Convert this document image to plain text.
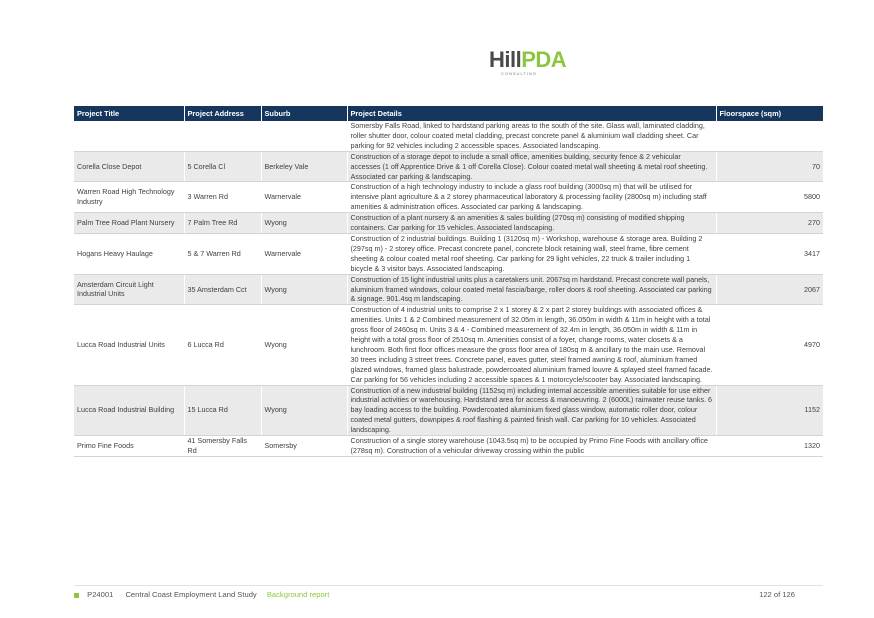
HillPDA
CONSULTING
Project Title	Project Address	Suburb	Project Details	Floorspace (sqm)
			Somersby Falls Road, linked to hardstand parking areas to the south of the site. Glass wall, laminated cladding, roller shutter door, colour coated metal cladding, precast concrete panel & aluminium wall cladding sheet. Car parking for 92 vehicles including 2 accessible spaces. Associated landscaping.	
Corella Close Depot	5 Corella Cl	Berkeley Vale	Construction of a storage depot to include a small office, amenities building, security fence & 2 vehicular accesses (1 off Apprentice Drive & 1 off Corella Close). Colour coated metal wall sheeting & metal roof sheeting. Associated car parking & landscaping.	70
Warren Road High Technology Industry	3 Warren Rd	Warnervale	Construction of a high technology industry to include a glass roof building (3000sq m) that will be utilised for intensive plant agriculture & a 2 storey pharmaceutical laboratory & processing facility (2800sq m) including staff amenities & administration offices. Associated car parking & landscaping.	5800
Palm Tree Road Plant Nursery	7 Palm Tree Rd	Wyong	Construction of a plant nursery & an amenities & sales building (270sq m) consisting of modified shipping containers. Car parking for 15 vehicles. Associated landscaping.	270
Hogans Heavy Haulage	5 & 7 Warren Rd	Warnervale	Construction of 2 industrial buildings. Building 1 (3120sq m) - Workshop, warehouse & storage area. Building 2 (297sq m) - 2 storey office. Precast concrete panel, concrete block retaining wall, steel frame, fibre cement sheeting & colour coated metal roof sheeting. Car parking for 29 light vehicles, 22 truck & trailer including 1 bicycle & 3 visitor bays. Associated landscaping.	3417
Amsterdam Circuit Light Industrial Units	35 Amsterdam Cct	Wyong	Construction of 15 light industrial units plus a caretakers unit. 2067sq m hardstand. Precast concrete wall panels, aluminium framed windows, colour coated metal fascia/barge, roller doors & roof sheeting. Associated car parking & signage. 901.4sq m landscaping.	2067
Lucca Road Industrial Units	6 Lucca Rd	Wyong	Construction of 4 industrial units to comprise 2 x 1 storey & 2 x part 2 storey buildings with associated offices & amenities. Units 1 & 2 Combined measurement of 32.05m in length, 36.050m in width & 11m in height with a total gross floor of 2460sq m. Units 3 & 4 - Combined measurement of 32.4m in length, 36.050m in width & 11m in height with a total gross floor of 2510sq m. Amenities consist of a foyer, change rooms, water closets & a lunchroom. Both first floor offices measure the gross floor area of 180sq m & ancillary to the main use. Removal 30 trees including 3 street trees. Concrete panel, eaves gutter, steel framed awning & roof, aluminium framed glazed windows, framed glass balustrade, powdercoated aluminium framed louvre & splayed steel framed facade. Car parking for 56 vehicles including 2 accessible spaces & 1 motorcycle/scooter bay. Associated landscaping.	4970
Lucca Road Industrial Building	15 Lucca Rd	Wyong	Construction of a new industrial building (1152sq m) including internal accessible amenities suitable for use either industrial activities or warehousing. Hardstand area for access & manoeuvring. 2 (6000L) rainwater reuse tanks. 6 bay loading access to the building. Powdercoated aluminium fixed glass window, automatic roller door, colour coated metal gutters, downpipes & roof flashing & painted finish wall. Car parking for 10 vehicles. Associated landscaping.	1152
Primo Fine Foods	41 Somersby Falls Rd	Somersby	Construction of a single storey warehouse (1043.5sq m) to be occupied by Primo Fine Foods with ancillary office (278sq m). Construction of a vehicular driveway crossing within the public	1320
P24001 Central Coast Employment Land Study Background report	122 of 126
